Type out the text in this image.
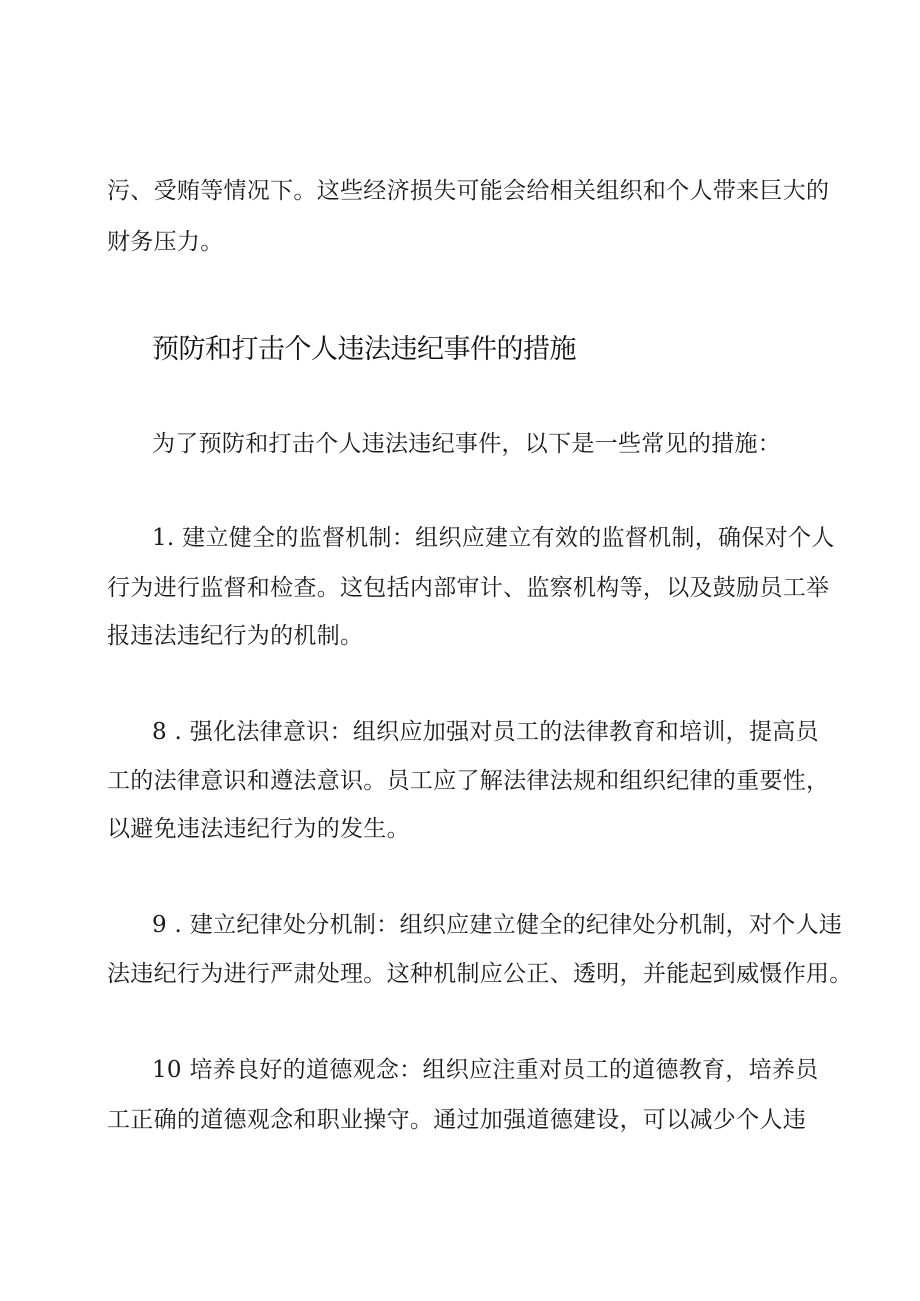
污、受贿等情况下。这些经济损失可能会给相关组织和个人带来巨大的
财务压力。
预防和打击个人违法违纪事件的措施
为了预防和打击个人违法违纪事件，以下是一些常见的措施：
1. 建立健全的监督机制：组织应建立有效的监督机制，确保对个人
行为进行监督和检查。这包括内部审计、监察机构等，以及鼓励员工举
报违法违纪行为的机制。
8 . 强化法律意识：组织应加强对员工的法律教育和培训，提高员
工的法律意识和遵法意识。员工应了解法律法规和组织纪律的重要性，
以避免违法违纪行为的发生。
9 . 建立纪律处分机制：组织应建立健全的纪律处分机制，对个人违
法违纪行为进行严肃处理。这种机制应公正、透明，并能起到威慑作用。
10 培养良好的道德观念：组织应注重对员工的道德教育，培养员
工正确的道德观念和职业操守。通过加强道德建设，可以减少个人违
